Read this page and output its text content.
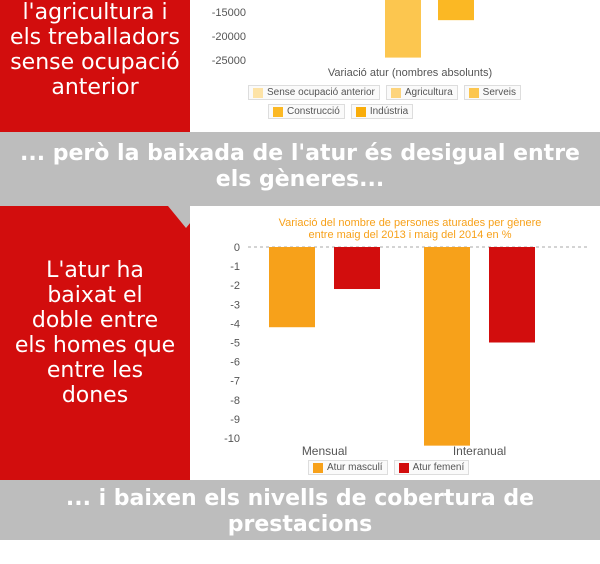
l'agricultura i
els treballadors
sense ocupació
anterior
-15000
-20000
-25000
Variació atur (nombres absolunts)
Sense ocupació anterior	Agricultura	Serveis
Construcció	Indústria
... però la baixada de l'atur és desigual entre
els gèneres...
L'atur ha
baixat el
doble entre
els homes que
entre les
dones
Variació del nombre de persones aturades per gènere
entre maig del 2013 i maig del 2014 en %
0
-1
-2
-3
-4
-5
-6
-7
-8
-9
-10
Mensual	Interanual
Atur masculí	Atur femení
... i baixen els nivells de cobertura de prestacions
entre els que encara es troben en atur
